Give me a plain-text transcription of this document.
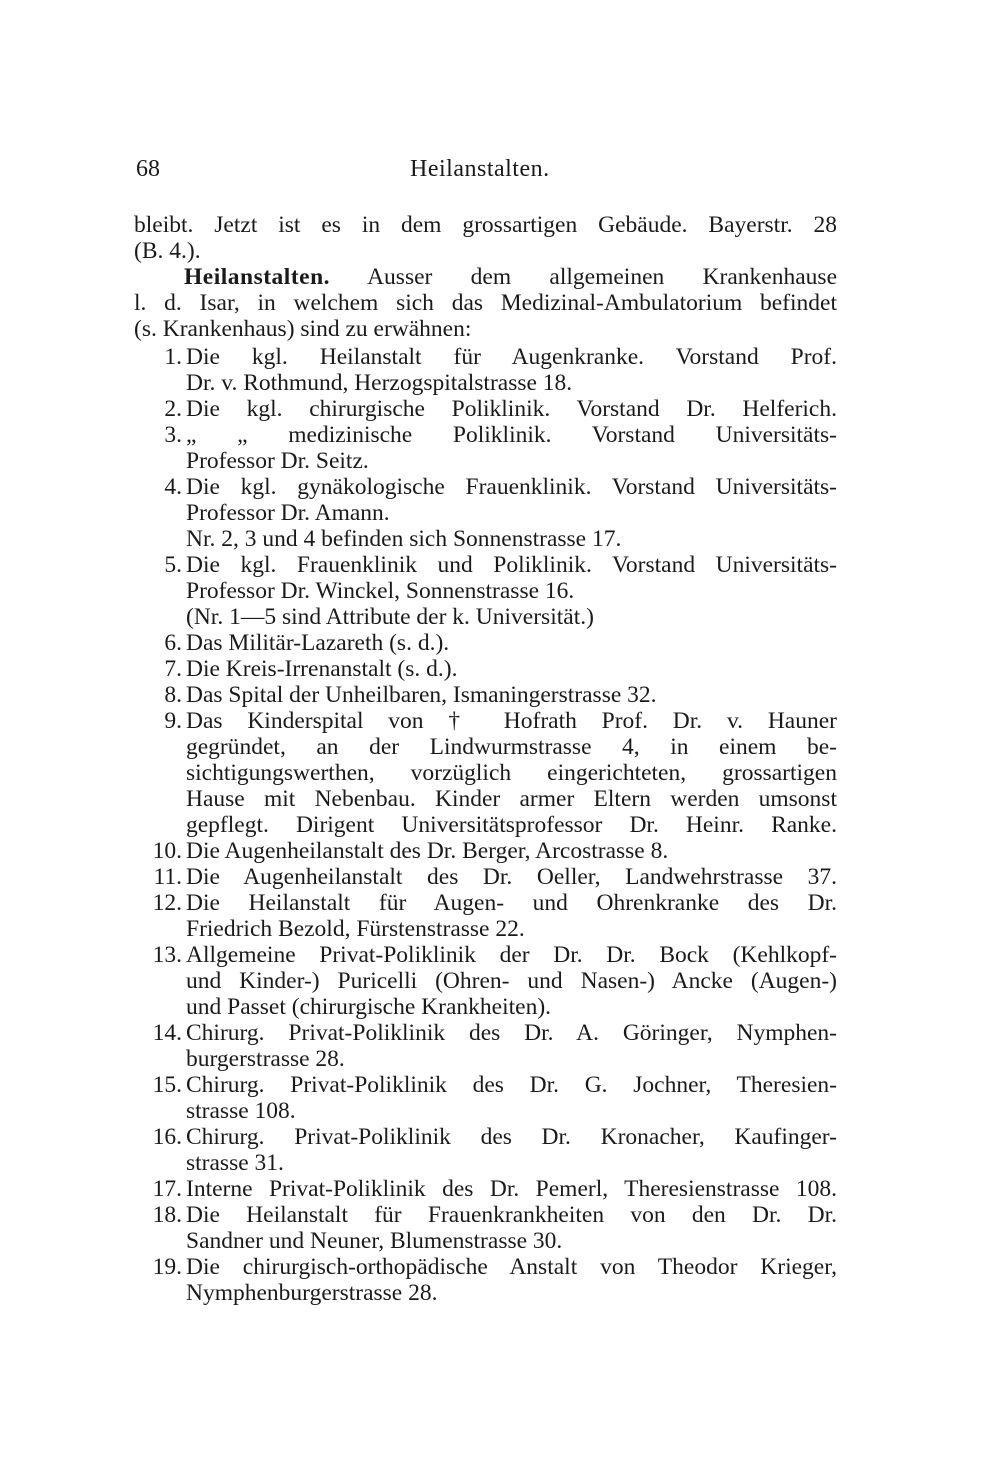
68	Heilanstalten.
bleibt. Jetzt ist es in dem grossartigen Gebäude. Bayerstr. 28
(B. 4.).
Heilanstalten. Ausser dem allgemeinen Krankenhause
l. d. Isar, in welchem sich das Medizinal-Ambulatorium befindet
(s. Krankenhaus) sind zu erwähnen:
1. Die kgl. Heilanstalt für Augenkranke. Vorstand Prof.
Dr. v. Rothmund, Herzogspitalstrasse 18.
2. Die kgl. chirurgische Poliklinik. Vorstand Dr. Helferich.
3. „ „ medizinische Poliklinik. Vorstand Universitäts-
Professor Dr. Seitz.
4. Die kgl. gynäkologische Frauenklinik. Vorstand Universitäts-
Professor Dr. Amann.
Nr. 2, 3 und 4 befinden sich Sonnenstrasse 17.
5. Die kgl. Frauenklinik und Poliklinik. Vorstand Universitäts-
Professor Dr. Winckel, Sonnenstrasse 16.
(Nr. 1—5 sind Attribute der k. Universität.)
6. Das Militär-Lazareth (s. d.).
7. Die Kreis-Irrenanstalt (s. d.).
8. Das Spital der Unheilbaren, Ismaningerstrasse 32.
9. Das Kinderspital von † Hofrath Prof. Dr. v. Hauner
gegründet, an der Lindwurmstrasse 4, in einem be-
sichtigungswerthen, vorzüglich eingerichteten, grossartigen
Hause mit Nebenbau. Kinder armer Eltern werden umsonst
gepflegt. Dirigent Universitätsprofessor Dr. Heinr. Ranke.
10. Die Augenheilanstalt des Dr. Berger, Arcostrasse 8.
11. Die Augenheilanstalt des Dr. Oeller, Landwehrstrasse 37.
12. Die Heilanstalt für Augen- und Ohrenkranke des Dr.
Friedrich Bezold, Fürstenstrasse 22.
13. Allgemeine Privat-Poliklinik der Dr. Dr. Bock (Kehlkopf-
und Kinder-) Puricelli (Ohren- und Nasen-) Ancke (Augen-)
und Passet (chirurgische Krankheiten).
14. Chirurg. Privat-Poliklinik des Dr. A. Göringer, Nymphen-
burgerstrasse 28.
15. Chirurg. Privat-Poliklinik des Dr. G. Jochner, Theresien-
strasse 108.
16. Chirurg. Privat-Poliklinik des Dr. Kronacher, Kaufinger-
strasse 31.
17. Interne Privat-Poliklinik des Dr. Pemerl, Theresienstrasse 108.
18. Die Heilanstalt für Frauenkrankheiten von den Dr. Dr.
Sandner und Neuner, Blumenstrasse 30.
19. Die chirurgisch-orthopädische Anstalt von Theodor Krieger,
Nymphenburgerstrasse 28.
